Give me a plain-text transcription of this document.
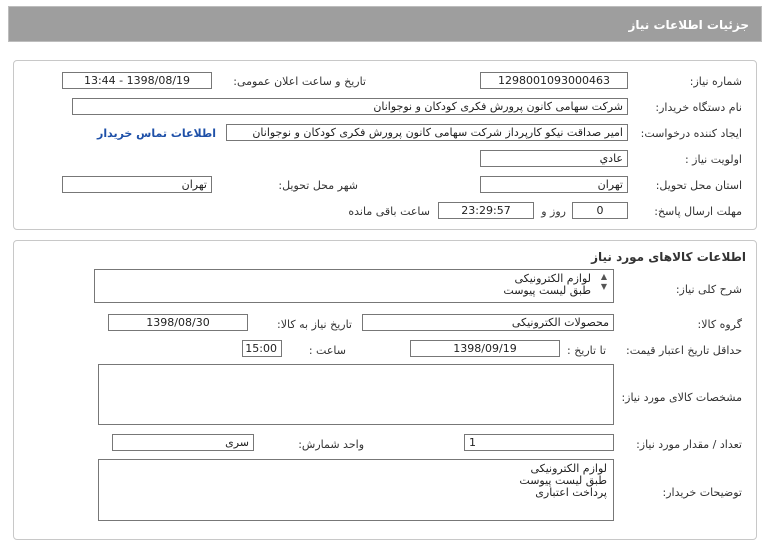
جزئيات اطلاعات نياز
شماره نیاز:
1298001093000463
تاریخ و ساعت اعلان عمومی:
1398/08/19 - 13:44
نام دستگاه خریدار:
شرکت سهامی کانون پرورش فکری کودکان و نوجوانان
ایجاد کننده درخواست:
امیر صداقت نیکو کارپرداز شرکت سهامی کانون پرورش فکری کودکان و نوجوانان
اطلاعات تماس خریدار
اولویت نیاز :
عادي
استان محل تحویل:
تهران
شهر محل تحویل:
تهران
مهلت ارسال پاسخ:
0
روز و
23:29:57
ساعت باقی مانده
اطلاعات کالاهای مورد نیاز
شرح کلی نیاز:
لوازم الکترونیکی
طبق لیست پیوست
▲
▼
گروه کالا:
محصولات الکترونیکی
تاریخ نیاز به کالا:
1398/08/30
حداقل تاریخ اعتبار قیمت:
تا تاریخ :
1398/09/19
ساعت :
15:00
مشخصات کالای مورد نیاز:
تعداد / مقدار مورد نیاز:
1
واحد شمارش:
سری
توضیحات خریدار:
لوازم الکترونیکی
طبق لیست پیوست
پرداخت اعتباری
